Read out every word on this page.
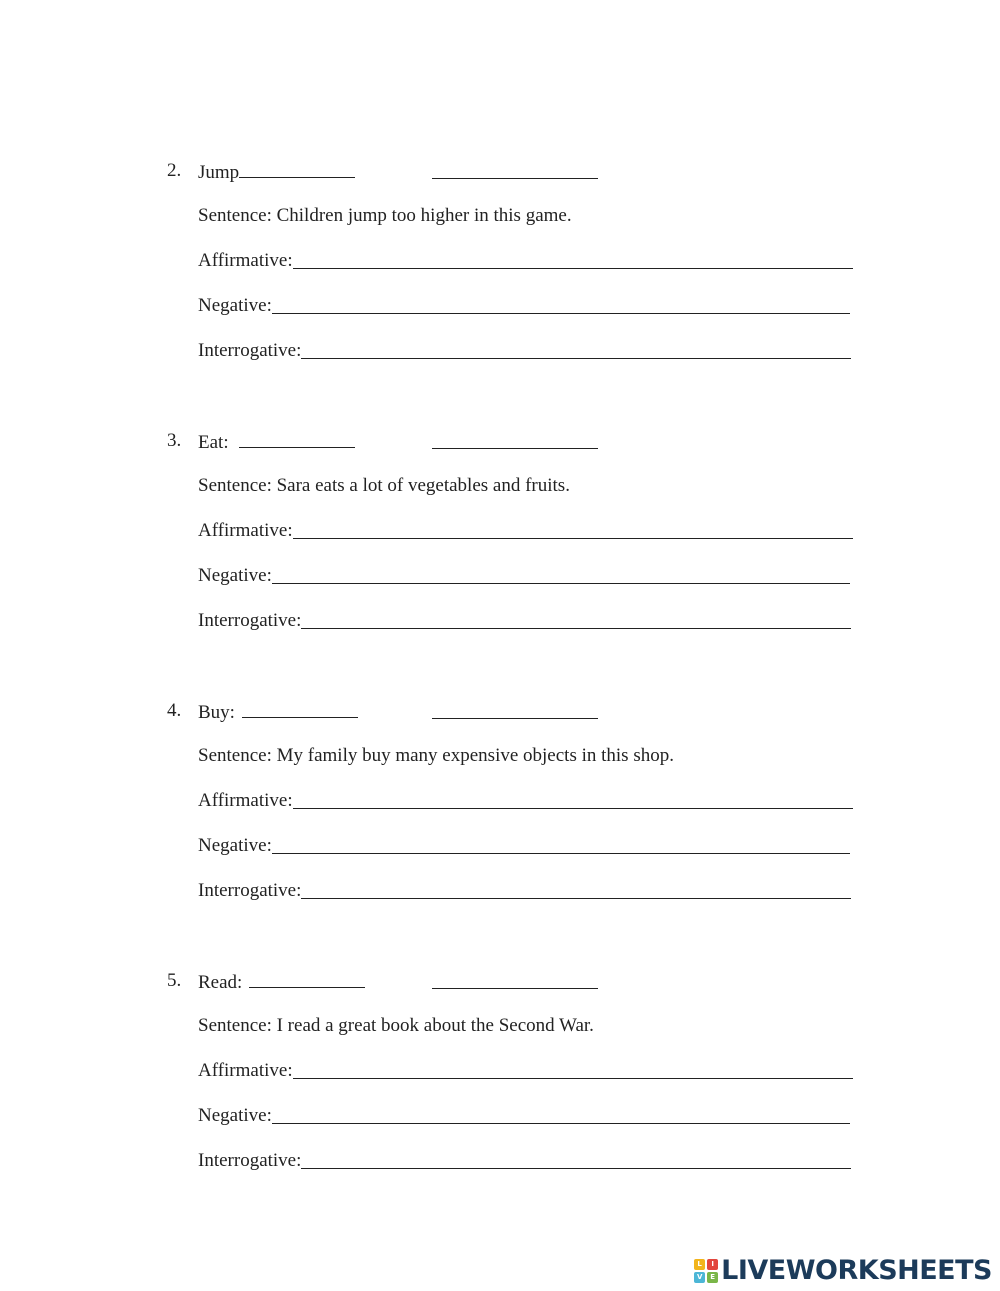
2. Jump
Sentence: Children jump too higher in this game.
Affirmative:
Negative:
Interrogative:
3. Eat:
Sentence: Sara eats a lot of vegetables and fruits.
Affirmative:
Negative:
Interrogative:
4. Buy:
Sentence: My family buy many expensive objects in this shop.
Affirmative:
Negative:
Interrogative:
5. Read:
Sentence: I read a great book about the Second War.
Affirmative:
Negative:
Interrogative:
L	I
V	E LIVEWORKSHEETS
